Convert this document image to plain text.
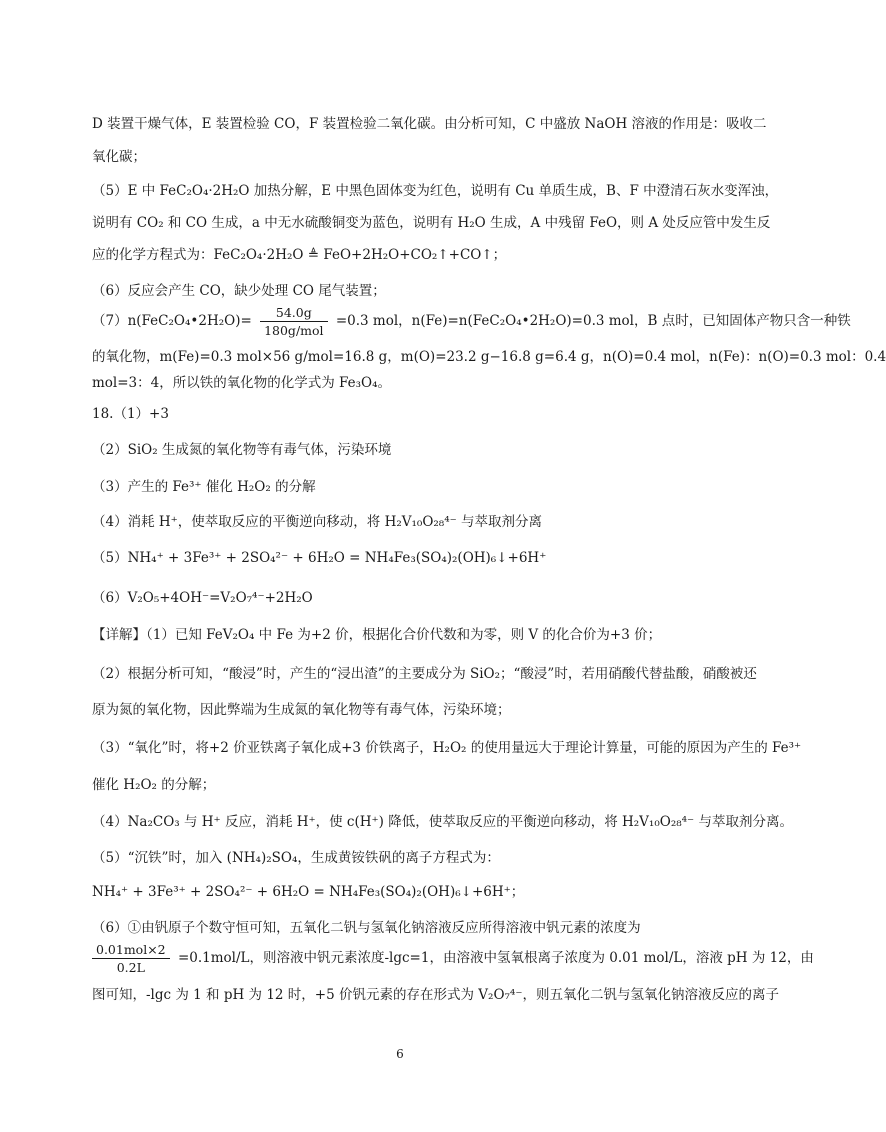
D 装置干燥气体，E 装置检验 CO，F 装置检验二氧化碳。由分析可知，C 中盛放 NaOH 溶液的作用是：吸收二
氧化碳；
（5）E 中 FeC₂O₄·2H₂O 加热分解，E 中黑色固体变为红色，说明有 Cu 单质生成，B、F 中澄清石灰水变浑浊，
说明有 CO₂ 和 CO 生成，a 中无水硫酸铜变为蓝色，说明有 H₂O 生成，A 中残留 FeO，则 A 处反应管中发生反
应的化学方程式为：FeC₂O₄·2H₂O ≜ FeO+2H₂O+CO₂↑+CO↑；
（6）反应会产生 CO，缺少处理 CO 尾气装置；
（7）n(FeC₂O₄•2H₂O)= $\frac{54.0g}{\text{180g/mol}} =0.3$ mol，n(Fe)=n(FeC₂O₄•2H₂O)=0.3 mol，B 点时，已知固体产物只含一种铁
的氧化物，m(Fe)=0.3 mol×56 g/mol=16.8 g，m(O)=23.2 g−16.8 g=6.4 g，n(O)=0.4 mol，n(Fe)：n(O)=0.3 mol：0.4
mol=3：4，所以铁的氧化物的化学式为 Fe₃O₄。
18.（1）+3
（2）SiO₂ 生成氮的氧化物等有毒气体，污染环境
（3）产生的 Fe³⁺ 催化 H₂O₂ 的分解
（4）消耗 H⁺，使萃取反应的平衡逆向移动，将 H₂V₁₀O₂₈⁴⁻ 与萃取剂分离
（5）NH₄⁺ + 3Fe³⁺ + 2SO₄²⁻ + 6H₂O = NH₄Fe₃(SO₄)₂(OH)₆↓+6H⁺
（6）V₂O₅+4OH⁻=V₂O₇⁴⁻+2H₂O
【详解】（1）已知 FeV₂O₄ 中 Fe 为+2 价，根据化合价代数和为零，则 V 的化合价为+3 价；
（2）根据分析可知，“酸浸”时，产生的“浸出渣”的主要成分为 SiO₂；“酸浸”时，若用硝酸代替盐酸，硝酸被还
原为氮的氧化物，因此弊端为生成氮的氧化物等有毒气体，污染环境；
（3）“氧化”时，将+2 价亚铁离子氧化成+3 价铁离子，H₂O₂ 的使用量远大于理论计算量，可能的原因为产生的 Fe³⁺
催化 H₂O₂ 的分解；
（4）Na₂CO₃ 与 H⁺ 反应，消耗 H⁺，使 c(H⁺) 降低，使萃取反应的平衡逆向移动，将 H₂V₁₀O₂₈⁴⁻ 与萃取剂分离。
（5）“沉铁”时，加入 (NH₄)₂SO₄，生成黄铵铁矾的离子方程式为：
NH₄⁺ + 3Fe³⁺ + 2SO₄²⁻ + 6H₂O = NH₄Fe₃(SO₄)₂(OH)₆↓+6H⁺；
（6）①由钒原子个数守恒可知，五氧化二钒与氢氧化钠溶液反应所得溶液中钒元素的浓度为
$\frac{\text{0.01mol×2}}{0.2L} =0.1mol/L$，则溶液中钒元素浓度-lgc=1，由溶液中氢氧根离子浓度为 0.01 mol/L，溶液 pH 为 12，由
图可知，-lgc 为 1 和 pH 为 12 时，+5 价钒元素的存在形式为 V₂O₇⁴⁻，则五氧化二钒与氢氧化钠溶液反应的离子
6
